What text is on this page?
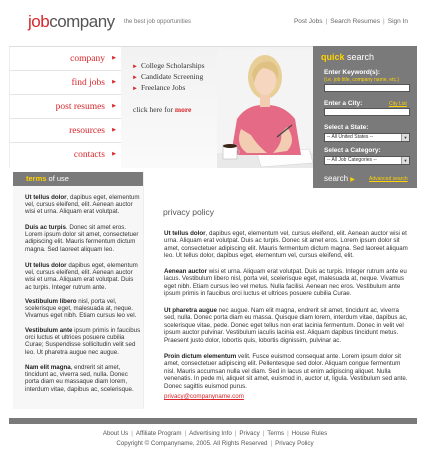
jobcompany the best job opportunities	Post Jobs | Search Resumes | Sign In
company ▶
find jobs ▶
post resumes ▶
resources ▶
contacts ▶
► College Scholarships
► Candidate Screening
► Freelance Jobs
click here for more
quick search
Enter Keyword(s):
(i.e. job title, company name, etc.)
Enter a City:	City List
Select a State:
-- All United States --	▼
Select a Category:
-- All Job Categories --	▼
search ▶	Advanced search
terms of use
Ut tellus dolor, dapibus eget, elementum vel, cursus eleifend, elit. Aenean auctor wisi et urna. Aliquam erat volutpat.
Duis ac turpis. Donec sit amet eros. Lorem ipsum dolor sit amet, consectetuer adipiscing elit. Mauris fermentum dictum magna. Sed laoreet aliquam leo.
Ut tellus dolor dapibus eget, elementum vel, cursus eleifend, elit. Aenean auctor wisi et urna. Aliquam erat volutpat. Duis ac turpis. Integer rutrum ante.
Vestibulum libero nisl, porta vel, scelerisque eget, malesuada at, neque. Vivamus eget nibh. Etiam cursus leo vel.
Vestibulum ante ipsum primis in faucibus orci luctus et ultrices posuere cubilia Curae; Suspendisse sollicitudin velit sed leo. Ut pharetra augue nec augue.
Nam elit magna, endrerit sit amet, tincidunt ac, viverra sed, nulla. Donec porta diam eu massaque diam lorem, interdum vitae, dapibus ac, scelerisque.
privacy policy
Ut tellus dolor, dapibus eget, elementum vel, cursus eleifend, elit. Aenean auctor wisi et urna. Aliquam erat volutpat. Duis ac turpis. Donec sit amet eros. Lorem ipsum dolor sit amet, consectetuer adipiscing elit. Mauris fermentum dictum magna. Sed laoreet aliquam leo. Ut tellus dolor, dapibus eget, elementum vel, cursus eleifend, elit.
Aenean auctor wisi et urna. Aliquam erat volutpat. Duis ac turpis. Integer rutrum ante eu lacus. Vestibulum libero nisl, porta vel, scelerisque eget, malesuada at, neque. Vivamus eget nibh. Etiam cursus leo vel metus. Nulla facilisi. Aenean nec eros. Vestibulum ante ipsum primis in faucibus orci luctus et ultrices posuere cubilia Curae.
Ut pharetra augue nec augue. Nam elit magna, endrerit sit amet, tincidunt ac, viverra sed, nulla. Donec porta diam eu massa. Quisque diam lorem, interdum vitae, dapibus ac, scelerisque vitae, pede. Donec eget tellus non erat lacinia fermentum. Donec in velit vel ipsum auctor pulvinar. Vestibulum iaculis lacinia est. Aliquam dapibus tincidunt metus. Praesent justo dolor, lobortis quis, lobortis dignissim, pulvinar ac.
Proin dictum elementum velit. Fusce euismod consequat ante. Lorem ipsum dolor sit amet, consectetuer adipiscing elit. Pellentesque sed dolor. Aliquam congue fermentum nisl. Mauris accumsan nulla vel diam. Sed in lacus ut enim adipiscing aliquet. Nulla venenatis. In pede mi, aliquet sit amet, euismod in, auctor ut, ligula. Vestibulum sed ante. Donec sagittis euismod purus.
privacy@companyname.com
About Us | Affiliate Program | Advertising Info | Privacy | Terms | House Rules
Copyright © Companyname, 2005. All Rights Reserved | Privacy Policy
